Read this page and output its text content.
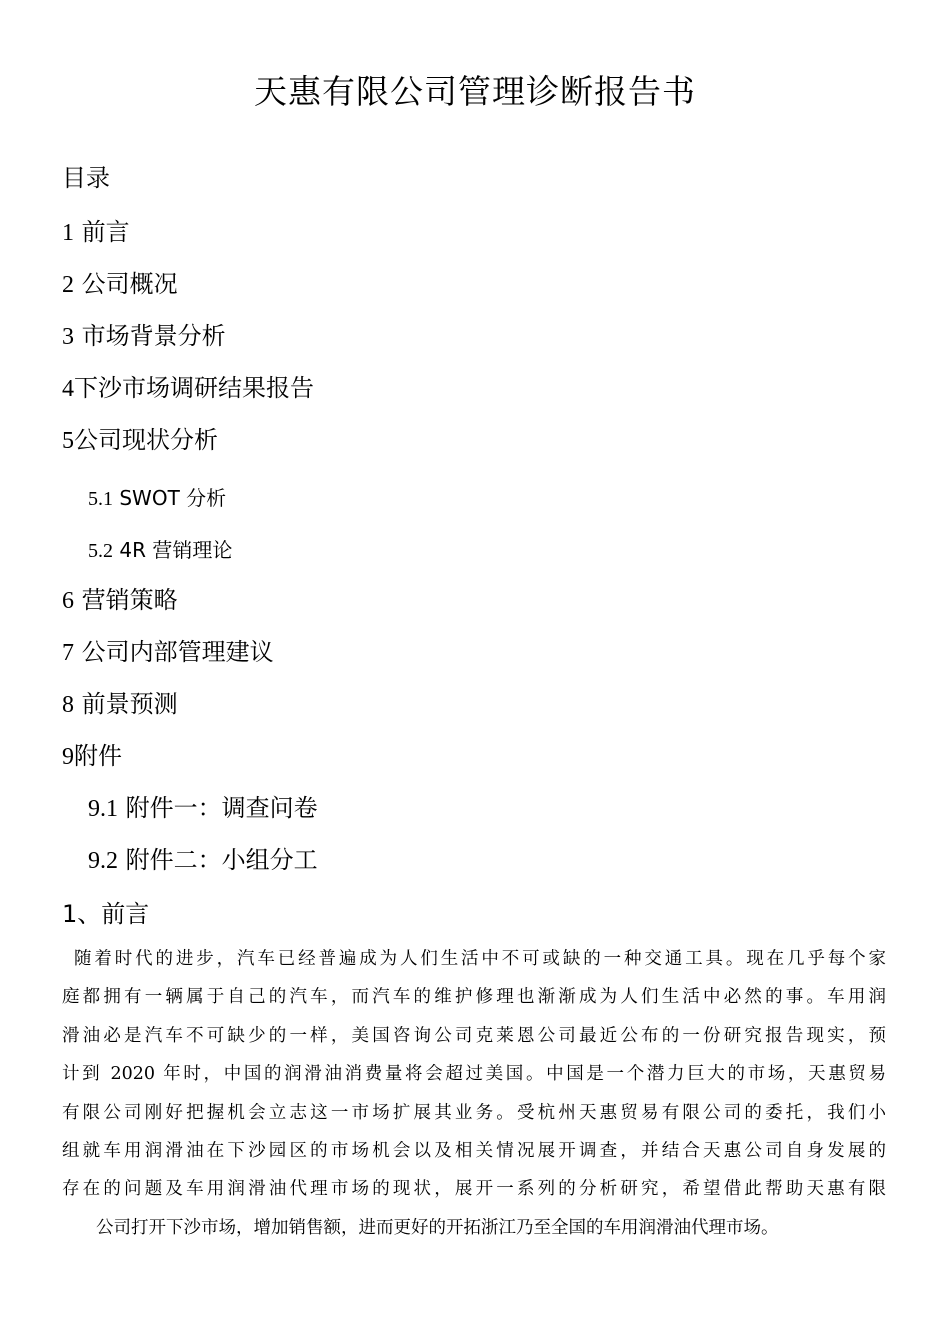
天惠有限公司管理诊断报告书
目录
1 前言
2 公司概况
3 市场背景分析
4下沙市场调研结果报告
5公司现状分析
5.1 SWOT 分析
5.2 4R 营销理论
6 营销策略
7 公司内部管理建议
8 前景预测
9附件
9.1 附件一：调查问卷
9.2 附件二：小组分工
1、前言
随着时代的进步，汽车已经普遍成为人们生活中不可或缺的一种交通工具。现在几乎每个家
庭都拥有一辆属于自己的汽车，而汽车的维护修理也渐渐成为人们生活中必然的事。车用润
滑油必是汽车不可缺少的一样，美国咨询公司克莱恩公司最近公布的一份研究报告现实，预
计到 2020 年时，中国的润滑油消费量将会超过美国。中国是一个潜力巨大的市场，天惠贸易
有限公司刚好把握机会立志这一市场扩展其业务。受杭州天惠贸易有限公司的委托，我们小
组就车用润滑油在下沙园区的市场机会以及相关情况展开调查，并结合天惠公司自身发展的
存在的问题及车用润滑油代理市场的现状，展开一系列的分析研究，希望借此帮助天惠有限
公司打开下沙市场，增加销售额，进而更好的开拓浙江乃至全国的车用润滑油代理市场。
